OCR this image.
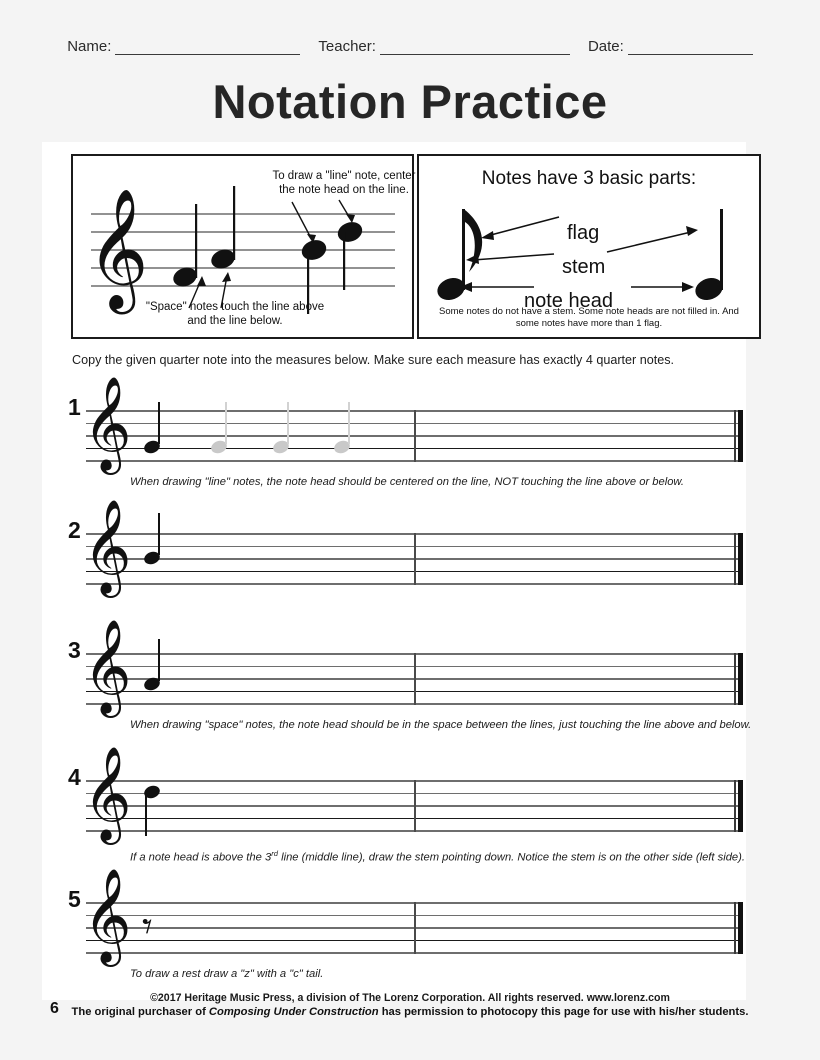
Name:	Teacher:	Date:
Notation Practice
𝄞
To draw a "line" note, center the note head on the line.
"Space" notes touch the line above and the line below.
Notes have 3 basic parts:
flag
stem
note head
Some notes do not have a stem. Some note heads are not filled in. And some notes have more than 1 flag.
Copy the given quarter note into the measures below. Make sure each measure has exactly 4 quarter notes.
1 𝄞
When drawing "line" notes, the note head should be centered on the line, NOT touching the line above or below.
2 𝄞
3 𝄞
When drawing "space" notes, the note head should be in the space between the lines, just touching the line above and below.
4 𝄞
If a note head is above the 3rd line (middle line), draw the stem pointing down. Notice the stem is on the other side (left side).
5 𝄞 𝄾
To draw a rest draw a "z" with a "c" tail.
6
©2017 Heritage Music Press, a division of The Lorenz Corporation. All rights reserved. www.lorenz.com
The original purchaser of Composing Under Construction has permission to photocopy this page for use with his/her students.
